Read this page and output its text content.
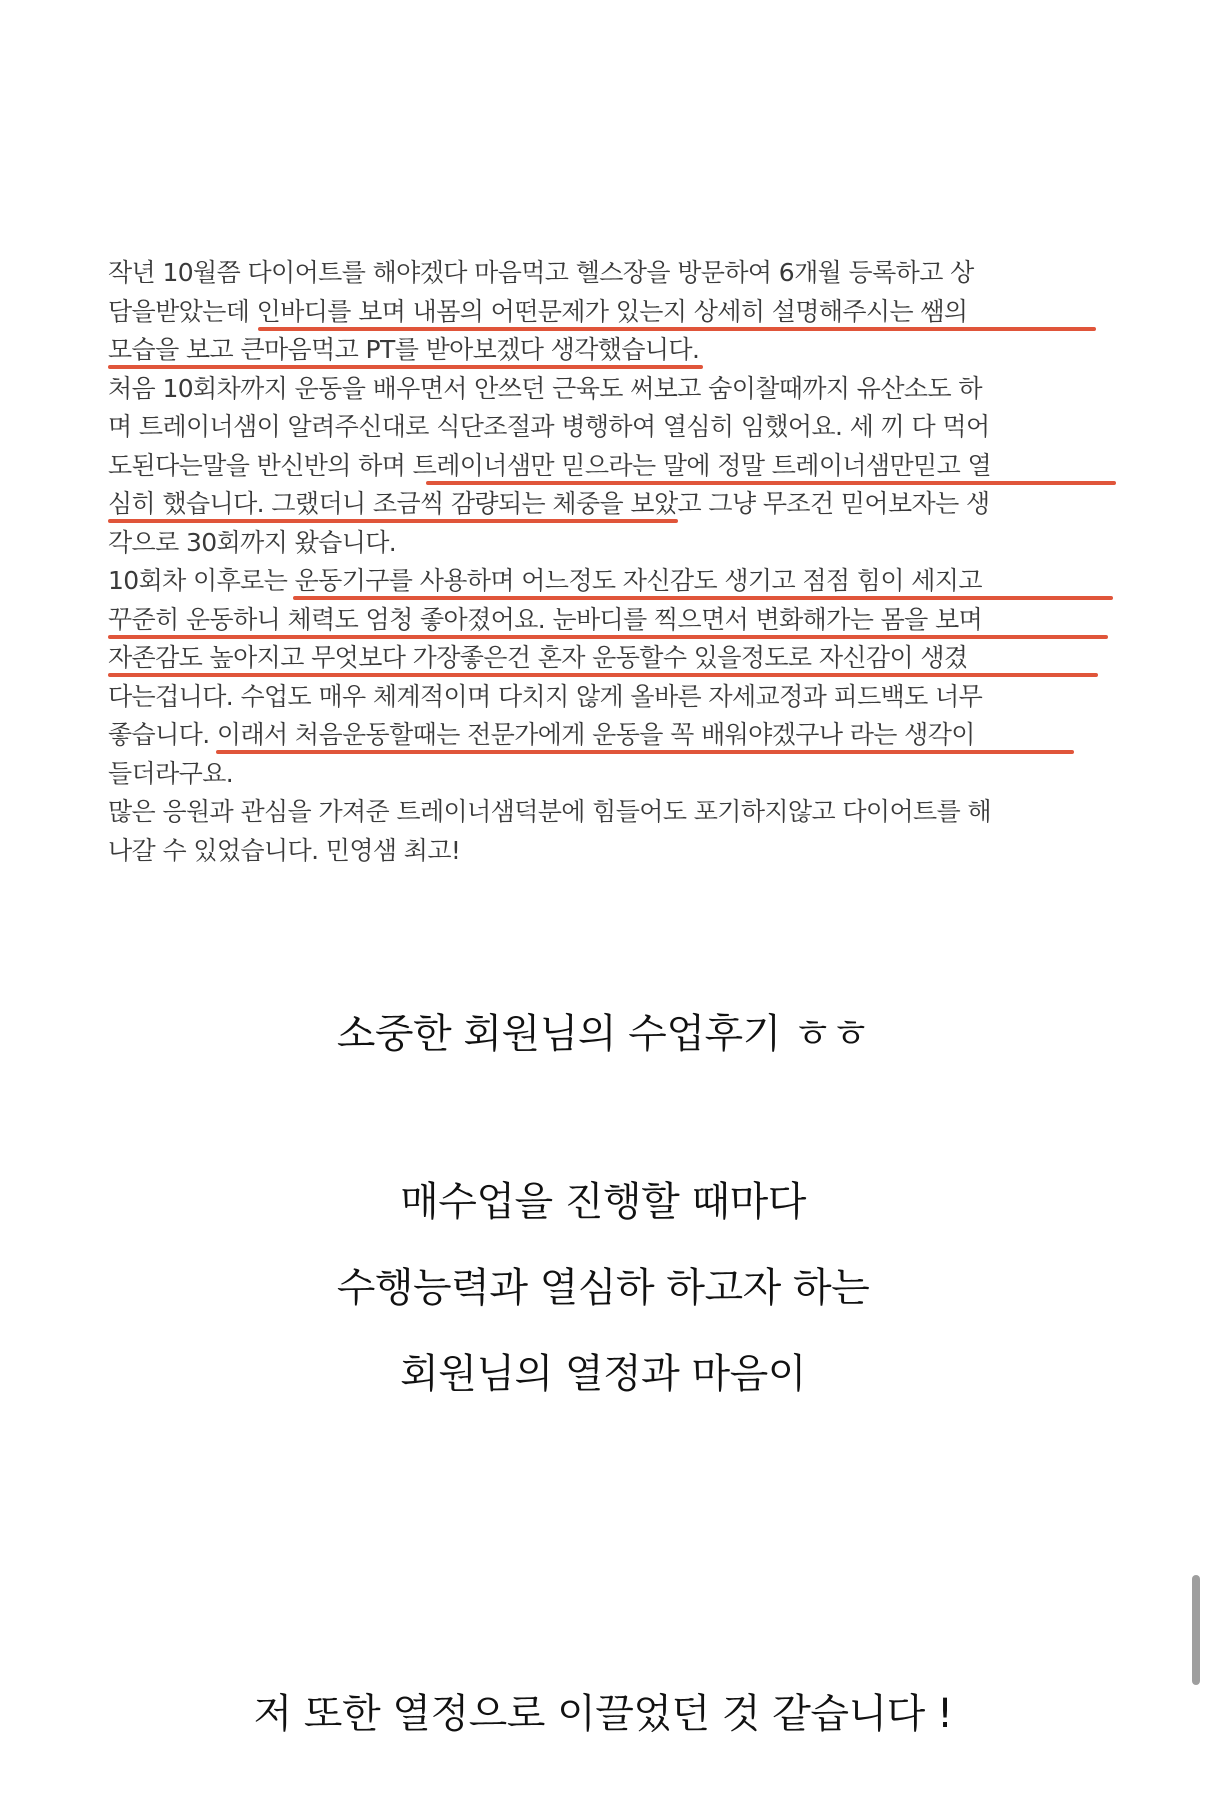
작년 10월쯤 다이어트를 해야겠다 마음먹고 헬스장을 방문하여 6개월 등록하고 상
담을받았는데 인바디를 보며 내몸의 어떤문제가 있는지 상세히 설명해주시는 쌤의
모습을 보고 큰마음먹고 PT를 받아보겠다 생각했습니다.
처음 10회차까지 운동을 배우면서 안쓰던 근육도 써보고 숨이찰때까지 유산소도 하
며 트레이너샘이 알려주신대로 식단조절과 병행하여 열심히 임했어요. 세 끼 다 먹어
도된다는말을 반신반의 하며 트레이너샘만 믿으라는 말에 정말 트레이너샘만믿고 열
심히 했습니다. 그랬더니 조금씩 감량되는 체중을 보았고 그냥 무조건 믿어보자는 생
각으로 30회까지 왔습니다.
10회차 이후로는 운동기구를 사용하며 어느정도 자신감도 생기고 점점 힘이 세지고
꾸준히 운동하니 체력도 엄청 좋아졌어요. 눈바디를 찍으면서 변화해가는 몸을 보며
자존감도 높아지고 무엇보다 가장좋은건 혼자 운동할수 있을정도로 자신감이 생겼
다는겁니다. 수업도 매우 체계적이며 다치지 않게 올바른 자세교정과 피드백도 너무
좋습니다. 이래서 처음운동할때는 전문가에게 운동을 꼭 배워야겠구나 라는 생각이
들더라구요.
많은 응원과 관심을 가져준 트레이너샘덕분에 힘들어도 포기하지않고 다이어트를 해
나갈 수 있었습니다. 민영샘 최고!
소중한 회원님의 수업후기 ㅎㅎ
매수업을 진행할 때마다
수행능력과 열심하 하고자 하는
회원님의 열정과 마음이
저 또한 열정으로 이끌었던 것 같습니다 !
